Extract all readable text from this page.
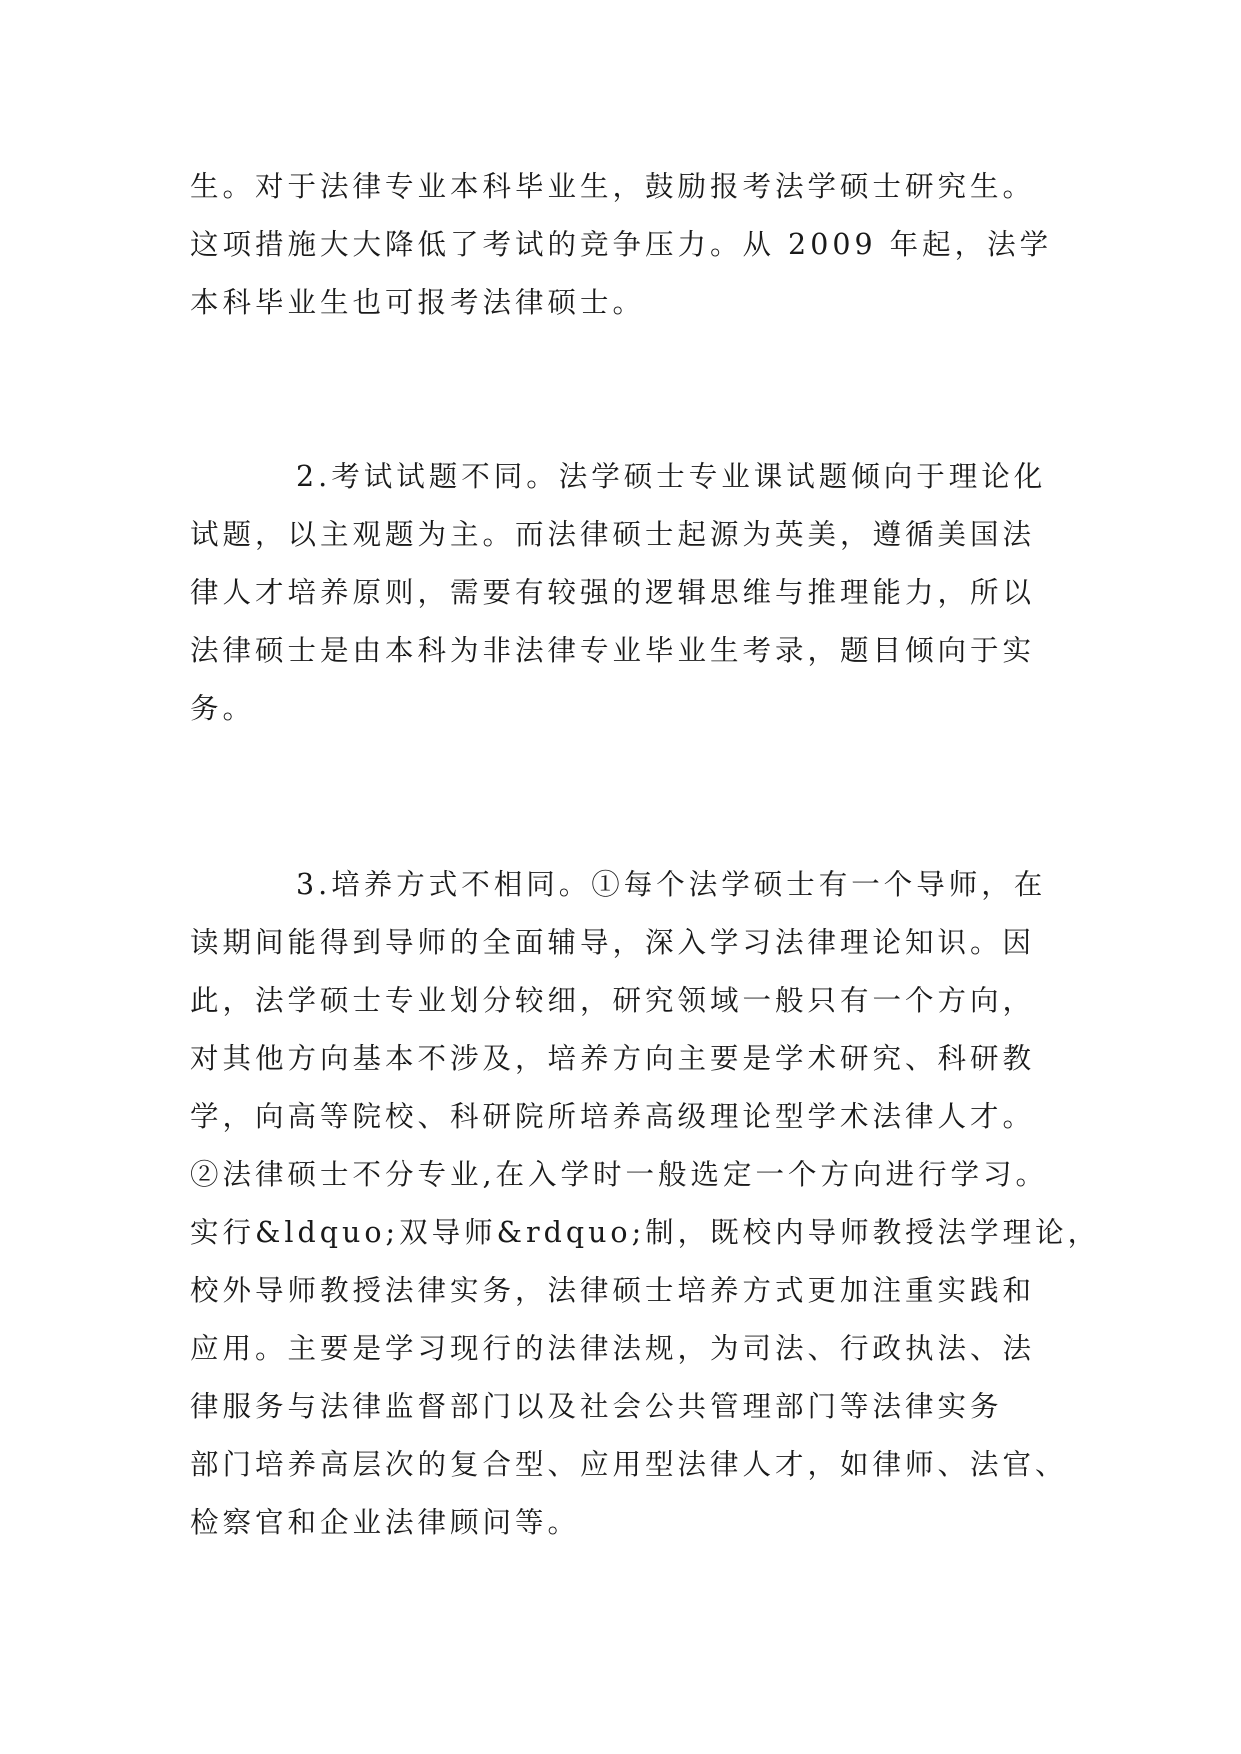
生。对于法律专业本科毕业生，鼓励报考法学硕士研究生。
这项措施大大降低了考试的竞争压力。从 2009 年起，法学
本科毕业生也可报考法律硕士。

2.考试试题不同。法学硕士专业课试题倾向于理论化
试题，以主观题为主。而法律硕士起源为英美，遵循美国法
律人才培养原则，需要有较强的逻辑思维与推理能力，所以
法律硕士是由本科为非法律专业毕业生考录，题目倾向于实
务。

3.培养方式不相同。①每个法学硕士有一个导师，在
读期间能得到导师的全面辅导，深入学习法律理论知识。因
此，法学硕士专业划分较细，研究领域一般只有一个方向，
对其他方向基本不涉及，培养方向主要是学术研究、科研教
学，向高等院校、科研院所培养高级理论型学术法律人才。
②法律硕士不分专业,在入学时一般选定一个方向进行学习。
实行&ldquo;双导师&rdquo;制，既校内导师教授法学理论，
校外导师教授法律实务，法律硕士培养方式更加注重实践和
应用。主要是学习现行的法律法规，为司法、行政执法、法
律服务与法律监督部门以及社会公共管理部门等法律实务
部门培养高层次的复合型、应用型法律人才，如律师、法官、
检察官和企业法律顾问等。
